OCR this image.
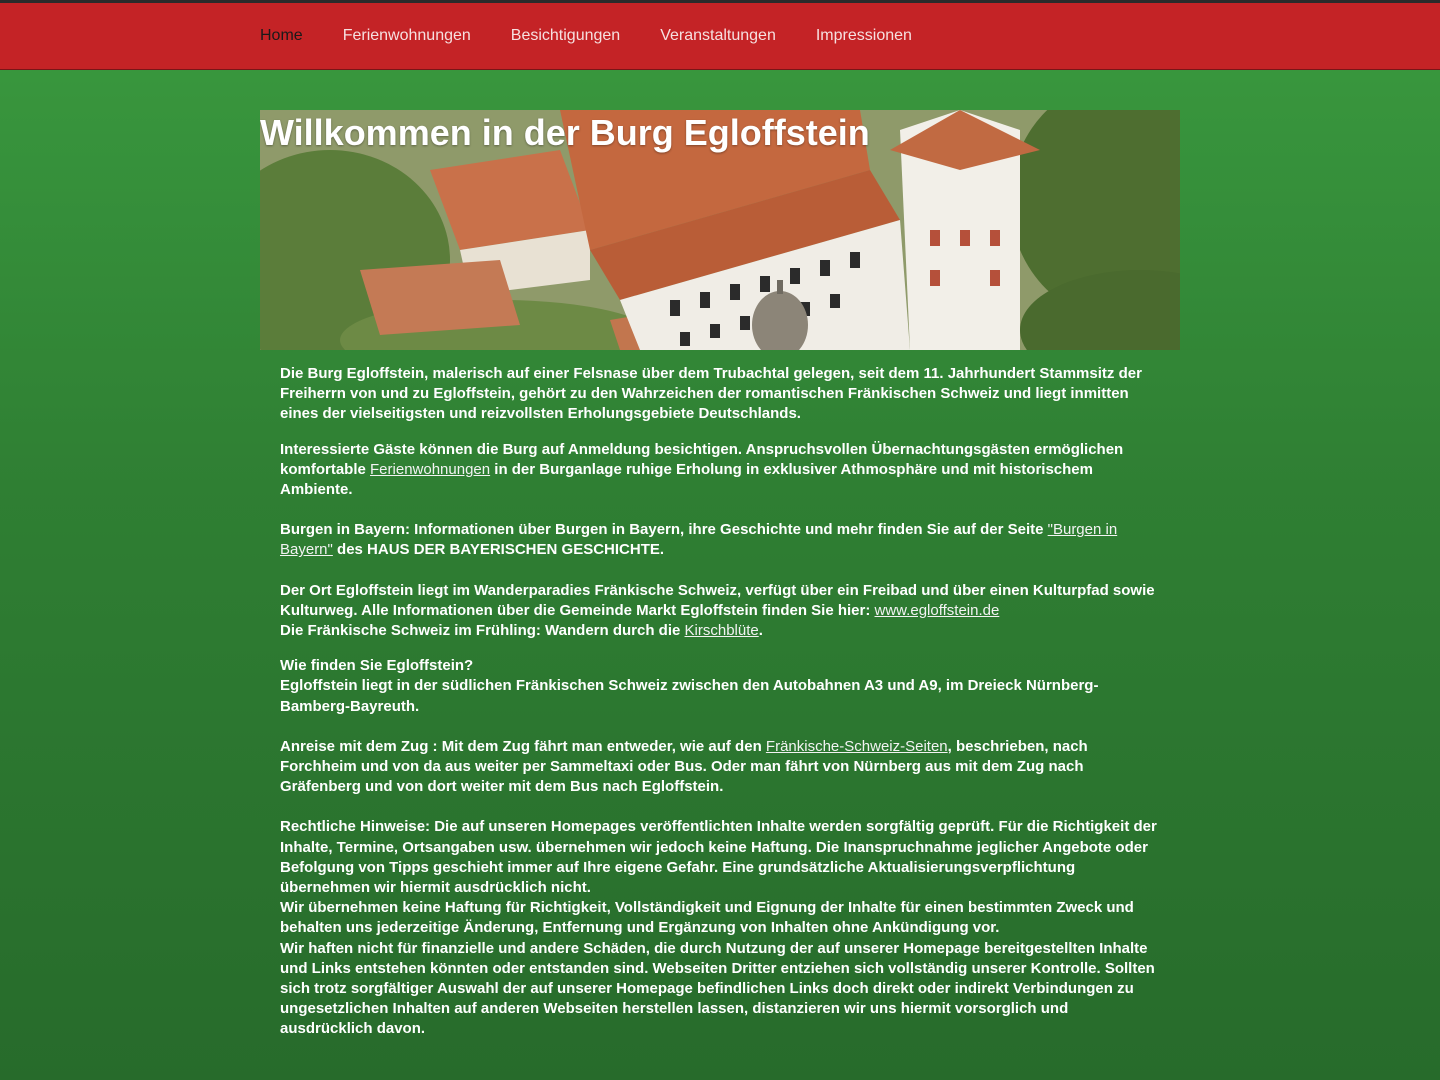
Home	Ferienwohnungen	Besichtigungen	Veranstaltungen	Impressionen
Willkommen in der Burg Egloffstein

Die Burg Egloffstein, malerisch auf einer Felsnase über dem Trubachtal gelegen, seit dem 11. Jahrhundert Stammsitz der Freiherrn von und zu Egloffstein, gehört zu den Wahrzeichen der romantischen Fränkischen Schweiz und liegt inmitten eines der vielseitigsten und reizvollsten Erholungsgebiete Deutschlands.

Interessierte Gäste können die Burg auf Anmeldung besichtigen. Anspruchsvollen Übernachtungsgästen ermöglichen komfortable Ferienwohnungen in der Burganlage ruhige Erholung in exklusiver Athmosphäre und mit historischem Ambiente.

Burgen in Bayern: Informationen über Burgen in Bayern, ihre Geschichte und mehr finden Sie auf der Seite "Burgen in Bayern" des HAUS DER BAYERISCHEN GESCHICHTE.

Der Ort Egloffstein liegt im Wanderparadies Fränkische Schweiz, verfügt über ein Freibad und über einen Kulturpfad sowie Kulturweg. Alle Informationen über die Gemeinde Markt Egloffstein finden Sie hier: www.egloffstein.de
Die Fränkische Schweiz im Frühling: Wandern durch die Kirschblüte.

Wie finden Sie Egloffstein?
Egloffstein liegt in der südlichen Fränkischen Schweiz zwischen den Autobahnen A3 und A9, im Dreieck Nürnberg-Bamberg-Bayreuth.

Anreise mit dem Zug : Mit dem Zug fährt man entweder, wie auf den Fränkische-Schweiz-Seiten, beschrieben, nach Forchheim und von da aus weiter per Sammeltaxi oder Bus. Oder man fährt von Nürnberg aus mit dem Zug nach Gräfenberg und von dort weiter mit dem Bus nach Egloffstein.

Rechtliche Hinweise: Die auf unseren Homepages veröffentlichten Inhalte werden sorgfältig geprüft. Für die Richtigkeit der Inhalte, Termine, Ortsangaben usw. übernehmen wir jedoch keine Haftung. Die Inanspruchnahme jeglicher Angebote oder Befolgung von Tipps geschieht immer auf Ihre eigene Gefahr. Eine grundsätzliche Aktualisierungsverpflichtung übernehmen wir hiermit ausdrücklich nicht.
Wir übernehmen keine Haftung für Richtigkeit, Vollständigkeit und Eignung der Inhalte für einen bestimmten Zweck und behalten uns jederzeitige Änderung, Entfernung und Ergänzung von Inhalten ohne Ankündigung vor.
Wir haften nicht für finanzielle und andere Schäden, die durch Nutzung der auf unserer Homepage bereitgestellten Inhalte und Links entstehen könnten oder entstanden sind. Webseiten Dritter entziehen sich vollständig unserer Kontrolle. Sollten sich trotz sorgfältiger Auswahl der auf unserer Homepage befindlichen Links doch direkt oder indirekt Verbindungen zu ungesetzlichen Inhalten auf anderen Webseiten herstellen lassen, distanzieren wir uns hiermit vorsorglich und ausdrücklich davon.
